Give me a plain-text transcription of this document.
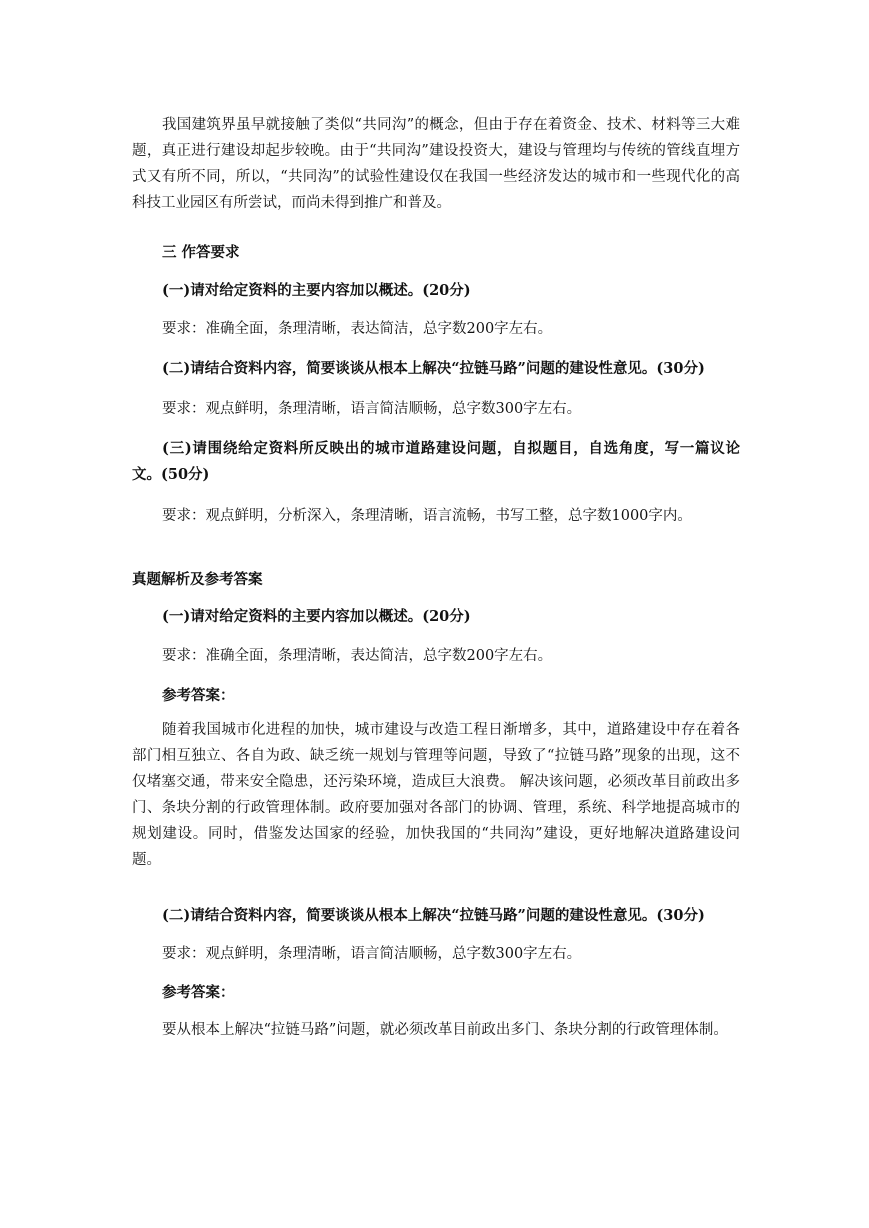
我国建筑界虽早就接触了类似“共同沟”的概念，但由于存在着资金、技术、材料等三大难题，真正进行建设却起步较晚。由于“共同沟”建设投资大，建设与管理均与传统的管线直埋方式又有所不同，所以，“共同沟”的试验性建设仅在我国一些经济发达的城市和一些现代化的高科技工业园区有所尝试，而尚未得到推广和普及。

三 作答要求

(一)请对给定资料的主要内容加以概述。(20分)

要求：准确全面，条理清晰，表达简洁，总字数200字左右。

(二)请结合资料内容，简要谈谈从根本上解决“拉链马路”问题的建设性意见。(30分)

要求：观点鲜明，条理清晰，语言简洁顺畅，总字数300字左右。

(三)请围绕给定资料所反映出的城市道路建设问题，自拟题目，自选角度，写一篇议论文。(50分)

要求：观点鲜明，分析深入，条理清晰，语言流畅，书写工整，总字数1000字内。

真题解析及参考答案

(一)请对给定资料的主要内容加以概述。(20分)

要求：准确全面，条理清晰，表达简洁，总字数200字左右。

参考答案：

随着我国城市化进程的加快，城市建设与改造工程日渐增多，其中，道路建设中存在着各部门相互独立、各自为政、缺乏统一规划与管理等问题，导致了“拉链马路”现象的出现，这不仅堵塞交通，带来安全隐患，还污染环境，造成巨大浪费。 解决该问题，必须改革目前政出多门、条块分割的行政管理体制。政府要加强对各部门的协调、管理，系统、科学地提高城市的规划建设。同时，借鉴发达国家的经验，加快我国的“共同沟”建设，更好地解决道路建设问题。

(二)请结合资料内容，简要谈谈从根本上解决“拉链马路”问题的建设性意见。(30分)

要求：观点鲜明，条理清晰，语言简洁顺畅，总字数300字左右。

参考答案：

要从根本上解决“拉链马路”问题，就必须改革目前政出多门、条块分割的行政管理体制。
